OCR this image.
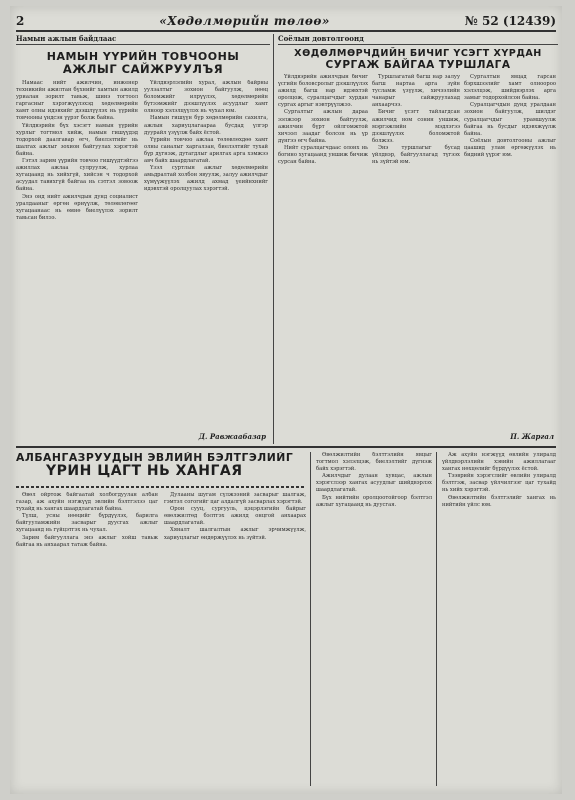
2	«Хөдөлмөрийн төлөө»	№ 52 (12439)
Намын ажлын байдлаас
НАМЫН ҮҮРИЙН ТОВЧООНЫ
АЖЛЫГ САЙЖРУУЛЪЯ

Намаас нийт ажилчин, инженер техникийн ажилтан бүхнийг хамтын ажилд уриалан зорилт тавьж, шинэ тогтоол гаргасныг хэрэгжүүлэхэд хөдөлмөрийн хамт олны идэвхийг дээшлүүлэх нь үүрийн товчооны үндсэн үүрэг болж байна.

Үйлдвэрийн бүх хэсэгт намын үүрийн хурлыг тогтмол хийж, намын гишүүдэд тодорхой даалгавар өгч, биелэлтийг нь шалгах ажлыг зохион байгуулах хэрэгтэй байна.

Гэтэл зарим үүрийн товчоо гишүүдтэйгээ ажиллах ажлаа сулруулж, хурлаа хугацаанд нь хийхгүй, хийсэн ч тодорхой асуудал тавихгүй байгаа нь сэтгэл зовоож байна.

Энэ онд нийт ажилчдын дунд социалист уралдааныг өргөн өрнүүлж, төлөвлөгөөг хугацаанаас нь өмнө биелүүлэх зорилт тавьсан билээ.

Үйлдвэрлэлийн хурал, ажлын байрны уулзалтыг зохион байгуулж, нөөц боломжийг илрүүлэх, хөдөлмөрийн бүтээмжийг дээшлүүлэх асуудлыг хамт олноор хэлэлцүүлэх нь чухал юм.

Намын гишүүн бүр хөдөлмөрийн сахилга, ажлын хариуцлагаараа бусдад үлгэр дуурайл үзүүлж байх ёстой.

Үүрийн товчоо ажлаа төлөвлөхдөө хамт олны саналыг харгалзан, биелэлтийг тухай бүр дүгнэж, дутагдлыг арилгах арга хэмжээ авч байх шаардлагатай.

Үзэл суртлын ажлыг хөдөлмөрийн амьдралтай холбон явуулж, залуу ажилчдыг хүмүүжүүлэх ажилд ахмад үеийнхнийг идэвхтэй оролцуулах хэрэгтэй.

Д. Равжаабазар
Соёлын довтолгоонд
ХӨДӨЛМӨРЧДИЙН БИЧИГ ҮСЭГТ ХҮРДАН
СУРГАЖ БАЙГАА ТУРШЛАГА

Үйлдвэрийн ажилчдын бичиг үсгийн боловсролыг дээшлүүлэх ажилд багш нар идэвхтэй оролцож, суралцагчдыг хурдан сургах аргыг нэвтрүүлжээ.

Сургалтыг ажлын дараа ээлжээр зохион байгуулж, ажилчин бүрт ойлгомжтой хичээл заадаг болсон нь үр дүнгээ өгч байна.

Нийт суралцагчдаас олонх нь богино хугацаанд уншиж бичиж сурсан байна.

Туршлагатай багш нар залуу багш нартаа арга зүйн тусламж үзүүлж, хичээлийн чанарыг сайжруулахад анхаарчээ.

Бичиг үсэгт тайлагдсан ажилчид ном сонин уншиж, мэргэжлийн мэдлэгээ дээшлүүлэх боломжтой болжээ.

Энэ туршлагыг бусад үйлдвэр, байгууллагад түгээх нь зүйтэй юм.

Сургалтын явцад гарсан бэрхшээлийг хамт олноороо хэлэлцэж, шийдвэрлэх арга замыг тодорхойлсон байна.

Суралцагчдын дунд уралдаан зохион байгуулж, шилдэг суралцагчдыг урамшуулж байгаа нь бусдыг идэвхжүүлж байна.

Соёлын довтолгооны ажлыг цаашид улам өргөжүүлэх нь бидний үүрэг юм.

П. Жаргал
АЛБАНГАЗРУУДЫН ЭВЛИЙН БЭЛТГЭЛИЙГ
ҮРИН ЦАГТ НЬ ХАНГАЯ

Өвөл ойртож байгаатай холбогдуулан албан газар, аж ахуйн нэгжүүд эвлийн бэлтгэлээ цаг тухайд нь хангах шаардлагатай байна.

Түлш, усны нөөцийг бүрдүүлэх, барилга байгууламжийн засварыг дуусгах ажлыг хугацаанд нь гүйцэтгэх нь чухал.

Зарим байгууллага энэ ажлыг хойш тавьж байгаа нь анхаарал татаж байна.

Дулааны шугам сүлжээний засварыг шалгаж, гэмтэл согогийг цаг алдалгүй засварлах хэрэгтэй.

Орон сууц, сургууль, цэцэрлэгийн байрыг өвөлжилтөд бэлтгэх ажилд онцгой анхаарах шаардлагатай.

Хяналт шалгалтын ажлыг эрчимжүүлж, хариуцлагыг өндөржүүлэх нь зүйтэй.

Өвөлжилтийн бэлтгэлийн явцыг тогтмол хэлэлцэж, биелэлтийг дүгнэж байх хэрэгтэй.

Ажилчдыг дулаан хувцас, ажлын хэрэгслээр хангах асуудлыг шийдвэрлэх шаардлагатай.

Бүх нийтийн оролцоотойгоор бэлтгэл ажлыг хугацаанд нь дуусгая.

Аж ахуйн нэгжүүд өвлийн улиралд үйлдвэрлэлийн хэвийн ажиллагааг хангах нөхцөлийг бүрдүүлэх ёстой.

Тээврийн хэрэгслийг өвлийн улиралд бэлтгэж, засвар үйлчилгээг цаг тухайд нь хийх хэрэгтэй.

Өвөлжилтийн бэлтгэлийг хангах нь нийтийн үйлс юм.
